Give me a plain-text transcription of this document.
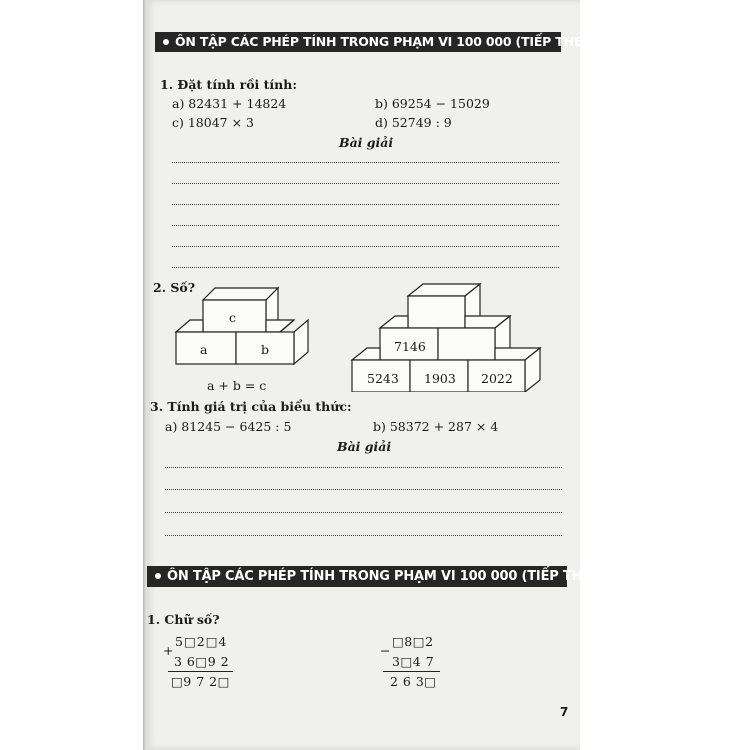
ÔN TẬP CÁC PHÉP TÍNH TRONG PHẠM VI 100 000 (TIẾP THEO)
1. Đặt tính rồi tính:
a) 82431 + 14824	b) 69254 − 15029
c) 18047 × 3	d) 52749 : 9
Bài giải
2. Số?
c
a	b
a + b = c
7146
5243 1903 2022
3. Tính giá trị của biểu thức:
a) 81245 − 6425 : 5	b) 58372 + 287 × 4
Bài giải
ÔN TẬP CÁC PHÉP TÍNH TRONG PHẠM VI 100 000 (TIẾP THEO)
1. Chữ số?
+
5□2□4
3 6□9 2
□9 7 2□
−
□8□2
3□4 7
2 6 3□
7
